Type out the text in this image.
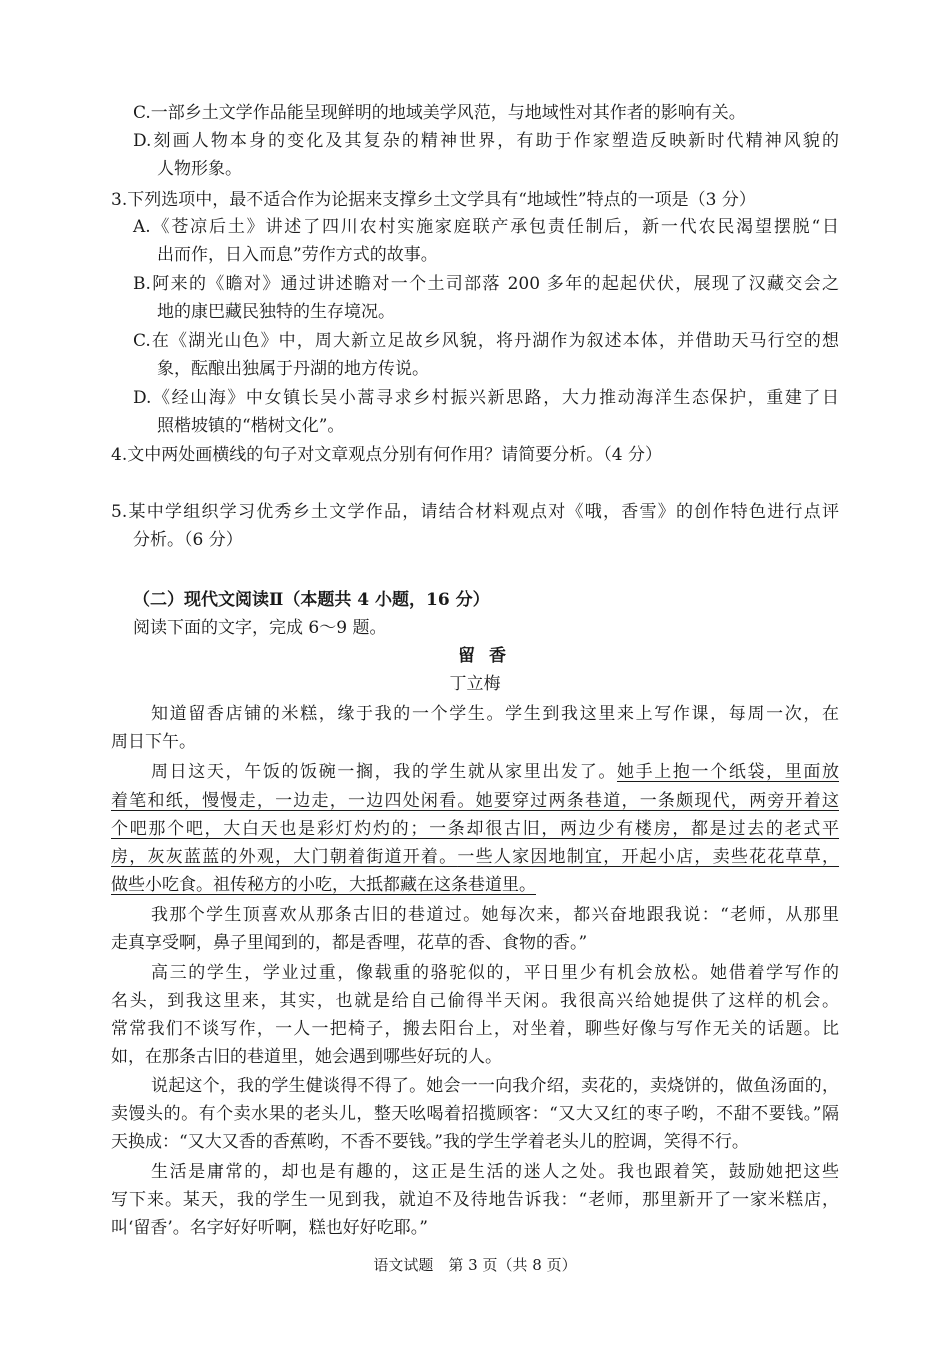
C.一部乡土文学作品能呈现鲜明的地域美学风范，与地域性对其作者的影响有关。

D.刻画人物本身的变化及其复杂的精神世界，有助于作家塑造反映新时代精神风貌的

人物形象。

3.下列选项中，最不适合作为论据来支撑乡土文学具有“地域性”特点的一项是（3 分）

A.《苍凉后土》讲述了四川农村实施家庭联产承包责任制后，新一代农民渴望摆脱“日

出而作，日入而息”劳作方式的故事。

B.阿来的《瞻对》通过讲述瞻对一个土司部落 200 多年的起起伏伏，展现了汉藏交会之

地的康巴藏民独特的生存境况。

C.在《湖光山色》中，周大新立足故乡风貌，将丹湖作为叙述本体，并借助天马行空的想

象，酝酿出独属于丹湖的地方传说。

D.《经山海》中女镇长吴小蒿寻求乡村振兴新思路，大力推动海洋生态保护，重建了日

照楷坡镇的“楷树文化”。

4.文中两处画横线的句子对文章观点分别有何作用？请简要分析。（4 分）

5.某中学组织学习优秀乡土文学作品，请结合材料观点对《哦，香雪》的创作特色进行点评

分析。（6 分）

（二）现代文阅读Ⅱ（本题共 4 小题，16 分）

阅读下面的文字，完成 6～9 题。

留香

丁立梅

知道留香店铺的米糕，缘于我的一个学生。学生到我这里来上写作课，每周一次，在

周日下午。

周日这天，午饭的饭碗一搁，我的学生就从家里出发了。她手上抱一个纸袋，里面放

着笔和纸，慢慢走，一边走，一边四处闲看。她要穿过两条巷道，一条颇现代，两旁开着这

个吧那个吧，大白天也是彩灯灼灼的；一条却很古旧，两边少有楼房，都是过去的老式平

房，灰灰蓝蓝的外观，大门朝着街道开着。一些人家因地制宜，开起小店，卖些花花草草，

做些小吃食。祖传秘方的小吃，大抵都藏在这条巷道里。

我那个学生顶喜欢从那条古旧的巷道过。她每次来，都兴奋地跟我说：“老师，从那里

走真享受啊，鼻子里闻到的，都是香哩，花草的香、食物的香。”

高三的学生，学业过重，像载重的骆驼似的，平日里少有机会放松。她借着学写作的

名头，到我这里来，其实，也就是给自己偷得半天闲。我很高兴给她提供了这样的机会。

常常我们不谈写作，一人一把椅子，搬去阳台上，对坐着，聊些好像与写作无关的话题。比

如，在那条古旧的巷道里，她会遇到哪些好玩的人。

说起这个，我的学生健谈得不得了。她会一一向我介绍，卖花的，卖烧饼的，做鱼汤面的，

卖馒头的。有个卖水果的老头儿，整天吆喝着招揽顾客：“又大又红的枣子哟，不甜不要钱。”隔

天换成：“又大又香的香蕉哟，不香不要钱。”我的学生学着老头儿的腔调，笑得不行。

生活是庸常的，却也是有趣的，这正是生活的迷人之处。我也跟着笑，鼓励她把这些

写下来。某天，我的学生一见到我，就迫不及待地告诉我：“老师，那里新开了一家米糕店，

叫‘留香’。名字好好听啊，糕也好好吃耶。”

语文试题　第 3 页（共 8 页）
